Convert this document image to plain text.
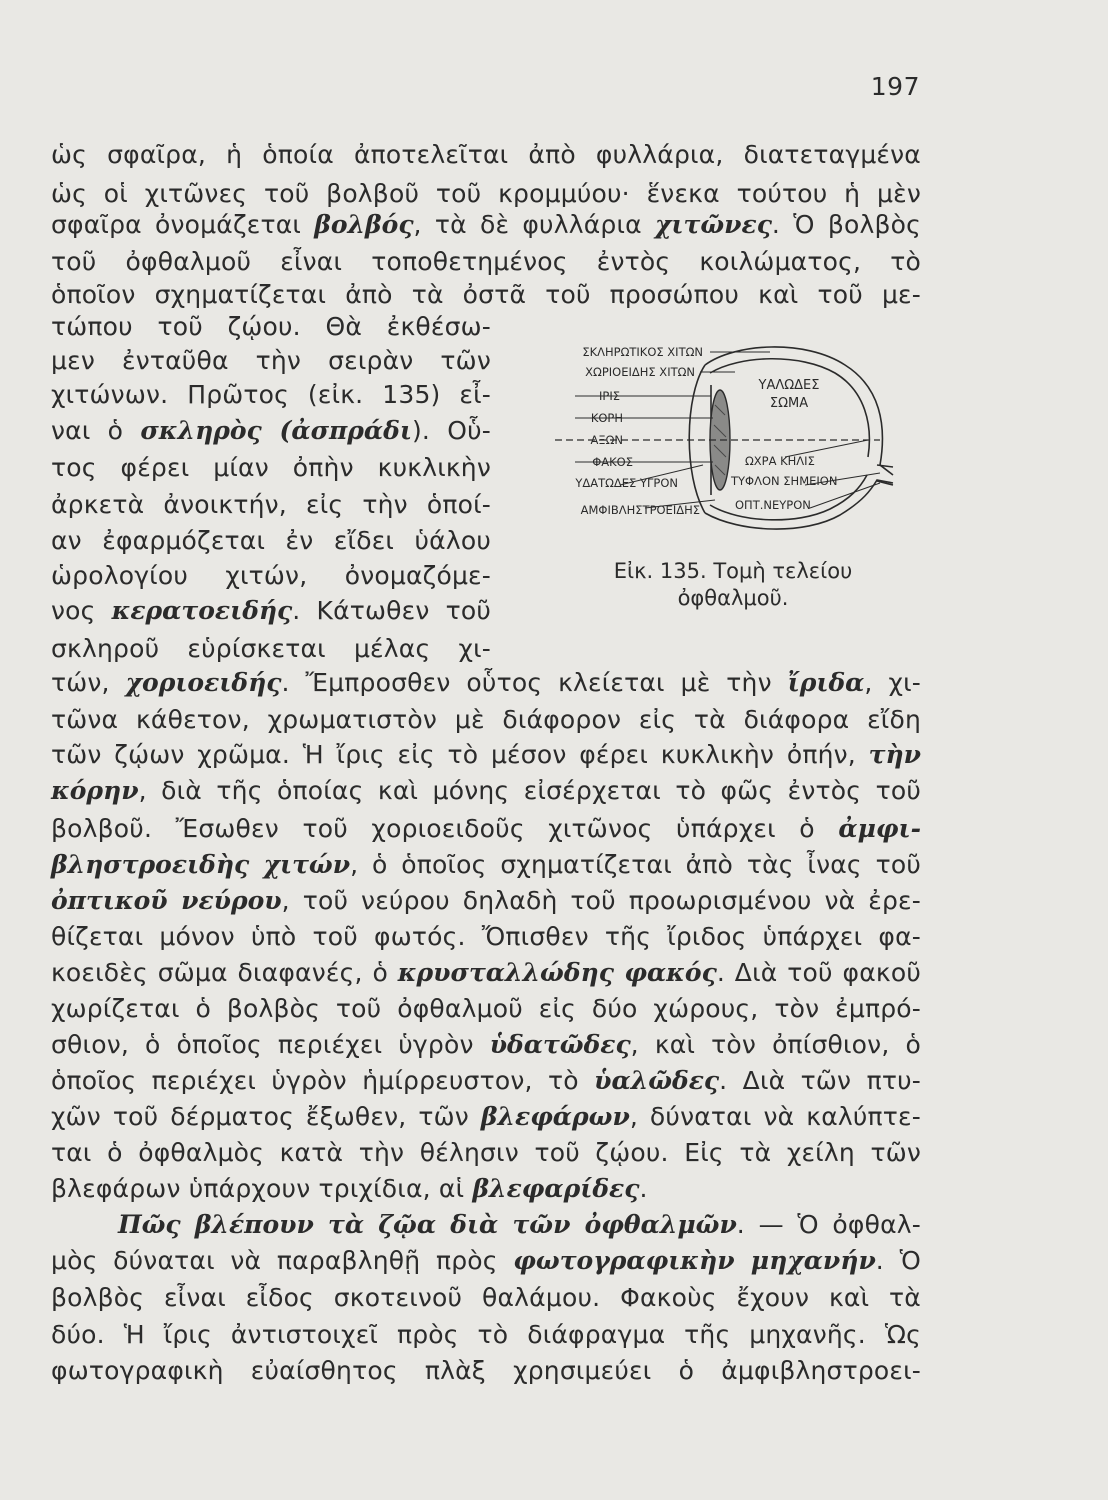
197
ὡς σφαῖρα, ἡ ὁποία ἀποτελεῖται ἀπὸ φυλλάρια, διατεταγμένα
ὡς οἱ χιτῶνες τοῦ βολβοῦ τοῦ κρομμύου· ἕνεκα τούτου ἡ μὲν
σφαῖρα ὀνομάζεται βολβός, τὰ δὲ φυλλάρια χιτῶνες. Ὁ βολβὸς
τοῦ ὀφθαλμοῦ εἶναι τοποθετημένος ἐντὸς κοιλώματος, τὸ
ὁποῖον σχηματίζεται ἀπὸ τὰ ὀστᾶ τοῦ προσώπου καὶ τοῦ με-
τώπου τοῦ ζῴου. Θὰ ἐκθέσω-
μεν ἐνταῦθα τὴν σειρὰν τῶν
χιτώνων. Πρῶτος (εἰκ. 135) εἶ-
ναι ὁ σκληρὸς (ἀσπράδι). Οὗ-
τος φέρει μίαν ὀπὴν κυκλικὴν
ἀρκετὰ ἀνοικτήν, εἰς τὴν ὁποί-
αν ἐφαρμόζεται ἐν εἴδει ὑάλου
ὡρολογίου χιτών, ὀνομαζόμε-
νος κερατοειδής. Κάτωθεν τοῦ
σκληροῦ εὑρίσκεται μέλας χι-
τών, χοριοειδής. Ἔμπροσθεν οὗτος κλείεται μὲ τὴν ἴριδα, χι-
τῶνα κάθετον, χρωματιστὸν μὲ διάφορον εἰς τὰ διάφορα εἴδη
τῶν ζῴων χρῶμα. Ἡ ἴρις εἰς τὸ μέσον φέρει κυκλικὴν ὀπήν, τὴν
κόρην, διὰ τῆς ὁποίας καὶ μόνης εἰσέρχεται τὸ φῶς ἐντὸς τοῦ
βολβοῦ. Ἔσωθεν τοῦ χοριοειδοῦς χιτῶνος ὑπάρχει ὁ ἀμφι-
βληστροειδὴς χιτών, ὁ ὁποῖος σχηματίζεται ἀπὸ τὰς ἶνας τοῦ
ὀπτικοῦ νεύρου, τοῦ νεύρου δηλαδὴ τοῦ προωρισμένου νὰ ἐρε-
θίζεται μόνον ὑπὸ τοῦ φωτός. Ὄπισθεν τῆς ἴριδος ὑπάρχει φα-
κοειδὲς σῶμα διαφανές, ὁ κρυσταλλώδης φακός. Διὰ τοῦ φακοῦ
χωρίζεται ὁ βολβὸς τοῦ ὀφθαλμοῦ εἰς δύο χώρους, τὸν ἐμπρό-
σθιον, ὁ ὁποῖος περιέχει ὑγρὸν ὑδατῶδες, καὶ τὸν ὀπίσθιον, ὁ
ὁποῖος περιέχει ὑγρὸν ἡμίρρευστον, τὸ ὑαλῶδες. Διὰ τῶν πτυ-
χῶν τοῦ δέρματος ἔξωθεν, τῶν βλεφάρων, δύναται νὰ καλύπτε-
ται ὁ ὀφθαλμὸς κατὰ τὴν θέλησιν τοῦ ζῴου. Εἰς τὰ χείλη τῶν
βλεφάρων ὑπάρχουν τριχίδια, αἱ βλεφαρίδες.
Πῶς βλέπουν τὰ ζῷα διὰ τῶν ὀφθαλμῶν. — Ὁ ὀφθαλ-
μὸς δύναται νὰ παραβληθῇ πρὸς φωτογραφικὴν μηχανήν. Ὁ
βολβὸς εἶναι εἶδος σκοτεινοῦ θαλάμου. Φακοὺς ἔχουν καὶ τὰ
δύο. Ἡ ἴρις ἀντιστοιχεῖ πρὸς τὸ διάφραγμα τῆς μηχανῆς. Ὡς
φωτογραφικὴ εὐαίσθητος πλὰξ χρησιμεύει ὁ ἀμφιβληστροει-
ΣΚΛΗΡΩΤΙΚΟΣ ΧΙΤΩΝ
ΧΩΡΙΟΕΙΔΗΣ ΧΙΤΩΝ
ΙΡΙΣ
ΚΟΡΗ
ΑΞΩΝ
ΦΑΚΟΣ
ΥΔΑΤΩΔΕΣ ΥΓΡΟΝ
ΑΜΦΙΒΛΗΣΤΡΟΕΙΔΗΣ
ΥΑΛΩΔΕΣ
ΣΩΜΑ
ΩΧΡΑ ΚΗΛΙΣ
ΤΥΦΛΟΝ ΣΗΜΕΙΟΝ
ΟΠΤ.ΝΕΥΡΟΝ
Εἰκ. 135. Τομὴ τελείου
ὀφθαλμοῦ.
